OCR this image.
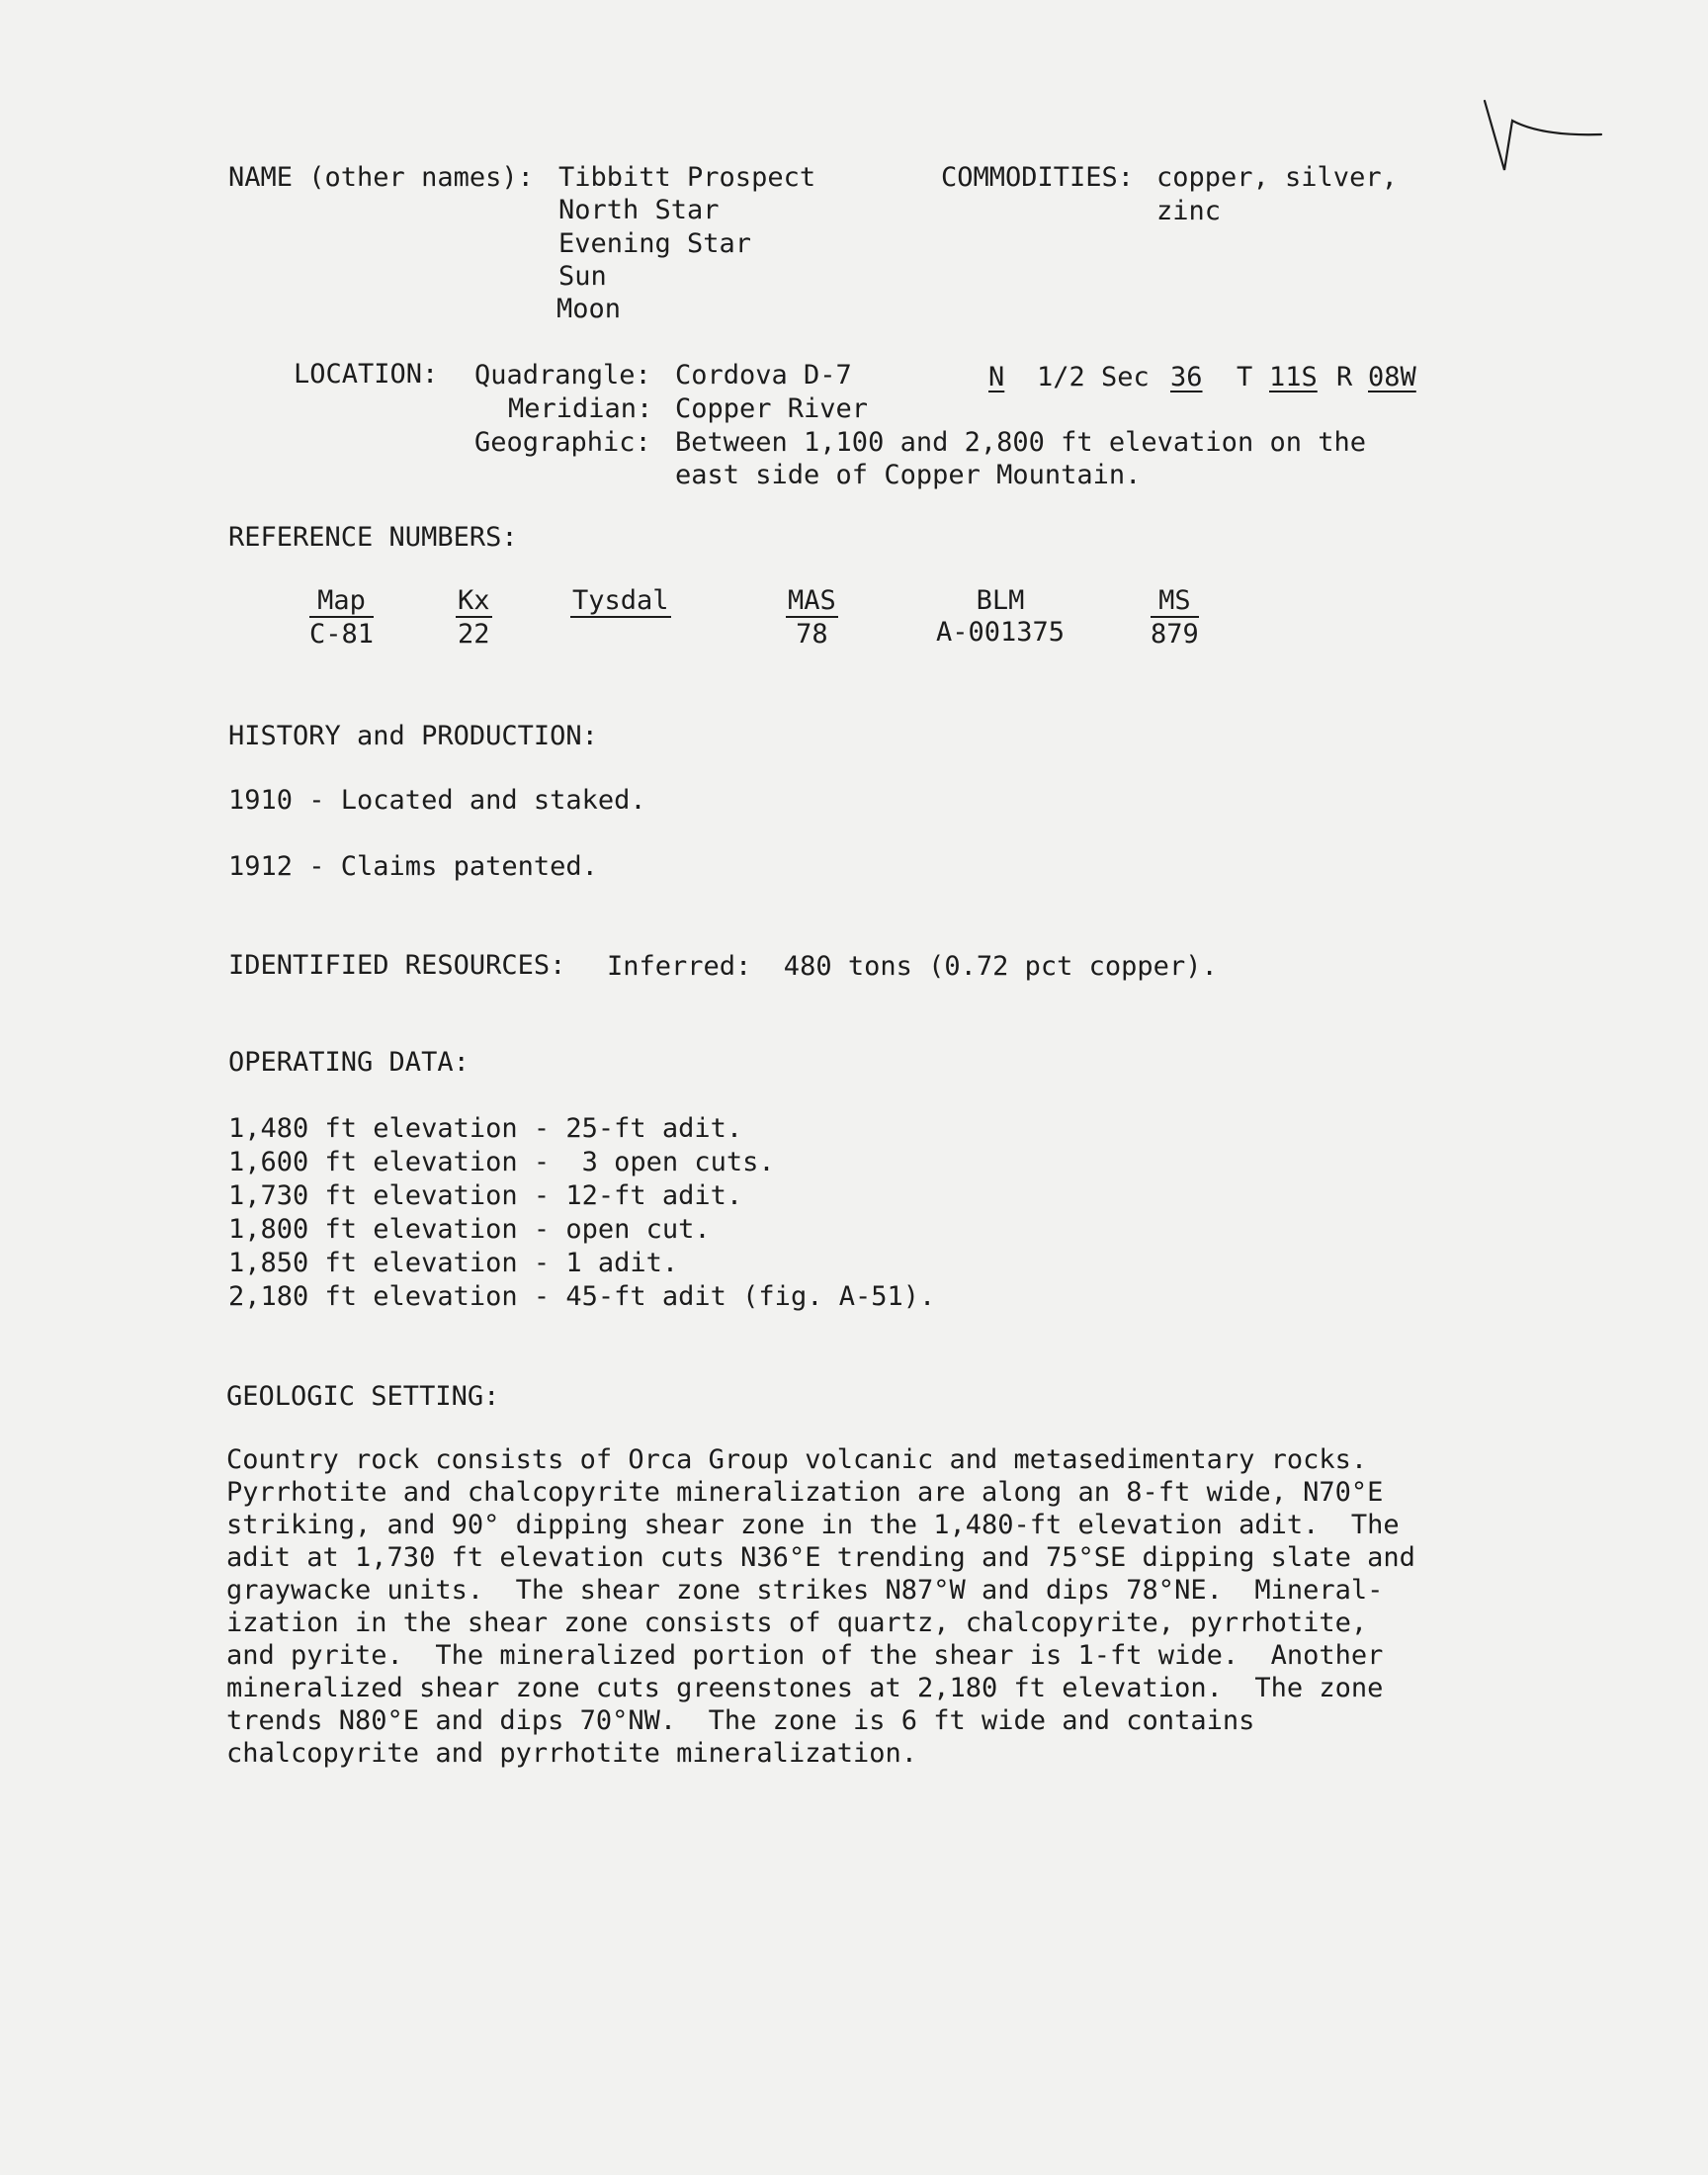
NAME (other names): Tibbitt Prospect
North Star
Evening Star
Sun
Moon
COMMODITIES: copper, silver,
zinc
LOCATION: Quadrangle: Cordova D-7
Meridian: Copper River
Geographic: Between 1,100 and 2,800 ft elevation on the
east side of Copper Mountain.
N 1/2 Sec 36 T 11S R 08W
REFERENCE NUMBERS:
Map
C-81
Kx
22
Tysdal	MAS
78
BLM
A-001375
MS
879
HISTORY and PRODUCTION:
1910 - Located and staked.
1912 - Claims patented.
IDENTIFIED RESOURCES: Inferred:  480 tons (0.72 pct copper).
OPERATING DATA:
1,480 ft elevation - 25-ft adit.
1,600 ft elevation -  3 open cuts.
1,730 ft elevation - 12-ft adit.
1,800 ft elevation - open cut.
1,850 ft elevation - 1 adit.
2,180 ft elevation - 45-ft adit (fig. A-51).
GEOLOGIC SETTING:

Country rock consists of Orca Group volcanic and metasedimentary rocks.

Pyrrhotite and chalcopyrite mineralization are along an 8-ft wide, N70°E

striking, and 90° dipping shear zone in the 1,480-ft elevation adit.  The

adit at 1,730 ft elevation cuts N36°E trending and 75°SE dipping slate and

graywacke units.  The shear zone strikes N87°W and dips 78°NE.  Mineral-

ization in the shear zone consists of quartz, chalcopyrite, pyrrhotite,

and pyrite.  The mineralized portion of the shear is 1-ft wide.  Another

mineralized shear zone cuts greenstones at 2,180 ft elevation.  The zone

trends N80°E and dips 70°NW.  The zone is 6 ft wide and contains

chalcopyrite and pyrrhotite mineralization.
